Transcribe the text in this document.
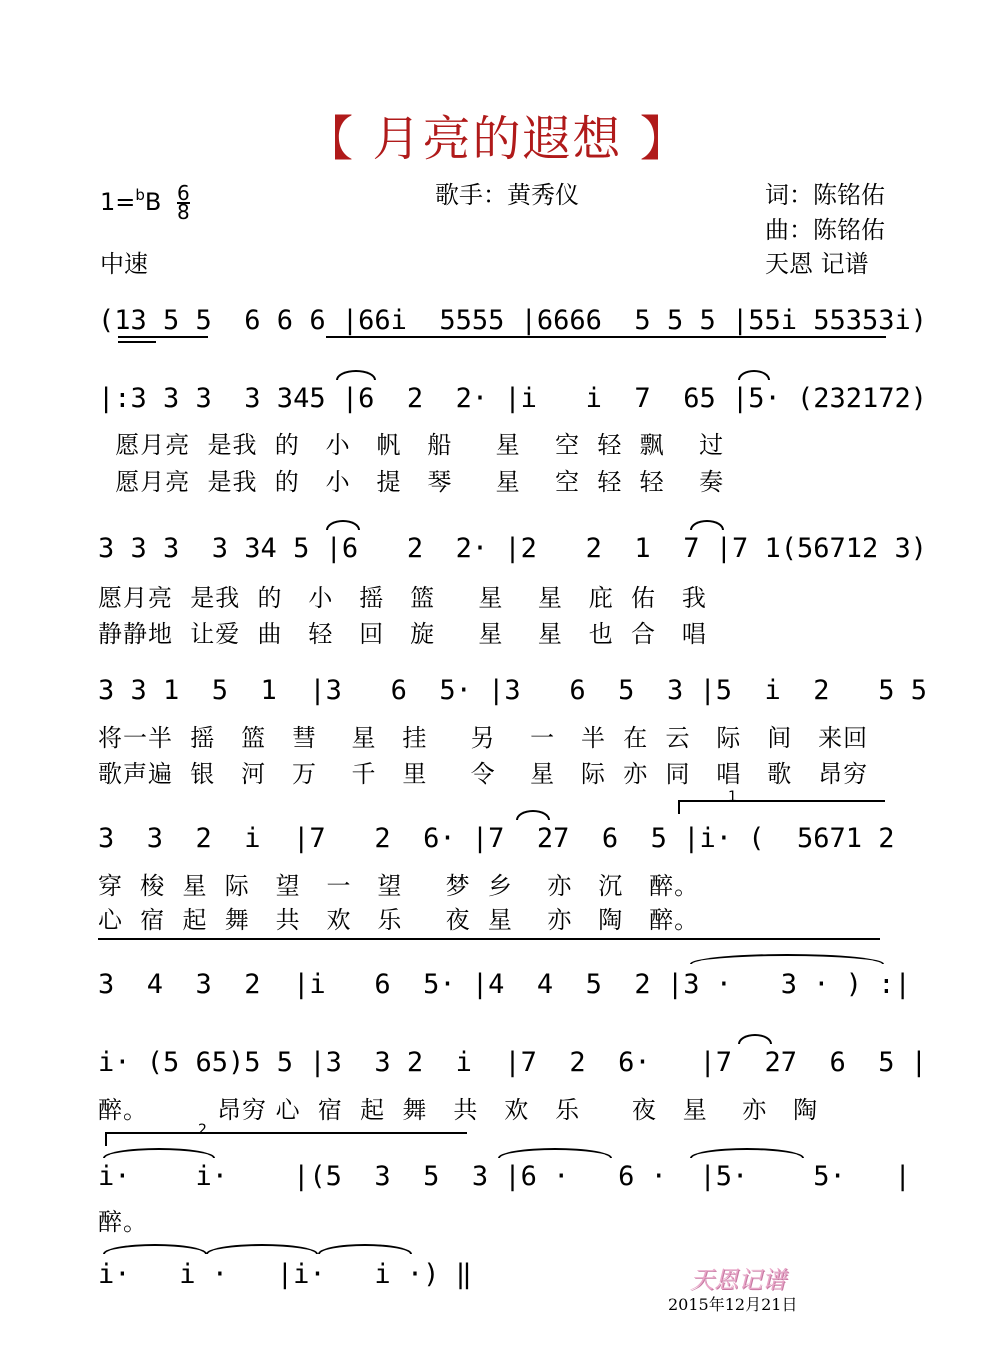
【 月亮的遐想 】
$1=^bB \frac{6}{8}$
中速
歌手：黄秀仪	词：陈铭佑
曲：陈铭佑
天恩 记谱
(13 5 5  6 6 6 |66i  5555 |6666  5 5 5 |55i 55353i)
|:3 3 3  3 345 |6  2  2· |i   i  7  65 |5· (232172)
愿月亮  是我  的   小   帆   船     星    空  轻  飘    过
愿月亮  是我  的   小   提   琴     星    空  轻  轻    奏
3 3 3  3 34 5 |6   2  2· |2   2  1  7 |7 1(56712 3)
愿月亮  是我  的   小   摇   篮     星    星   庇  佑   我
静静地  让爱  曲   轻   回   旋     星    星   也  合   唱
3 3 1  5  1  |3   6  5· |3   6  5  3 |5  i  2   5 5
将一半  摇   篮   彗    星   挂     另    一   半  在  云   际   间   来回
歌声遍  银   河   万    千   里     令    星   际  亦  同   唱   歌   昂穷
1
3  3  2  i  |7   2  6· |7  27  6  5 |i· (  5671 2
穿  梭  星  际   望   一   望     梦  乡    亦   沉   醉。
心  宿  起  舞   共   欢   乐     夜  星    亦   陶   醉。
3  4  3  2  |i   6  5· |4  4  5  2 |3 ·   3 · ) :|
i· (5 65)5 5 |3  3 2  i  |7  2  6·   |7  27  6  5 |
醉。        昂穷 心  宿  起  舞   共   欢   乐      夜   星    亦   陶
2
i·    i·    |(5  3  5  3 |6 ·   6 ·  |5·    5·   |
醉。
i·   i ·   |i·   i ·) ‖	天恩记谱
2015年12月21日
